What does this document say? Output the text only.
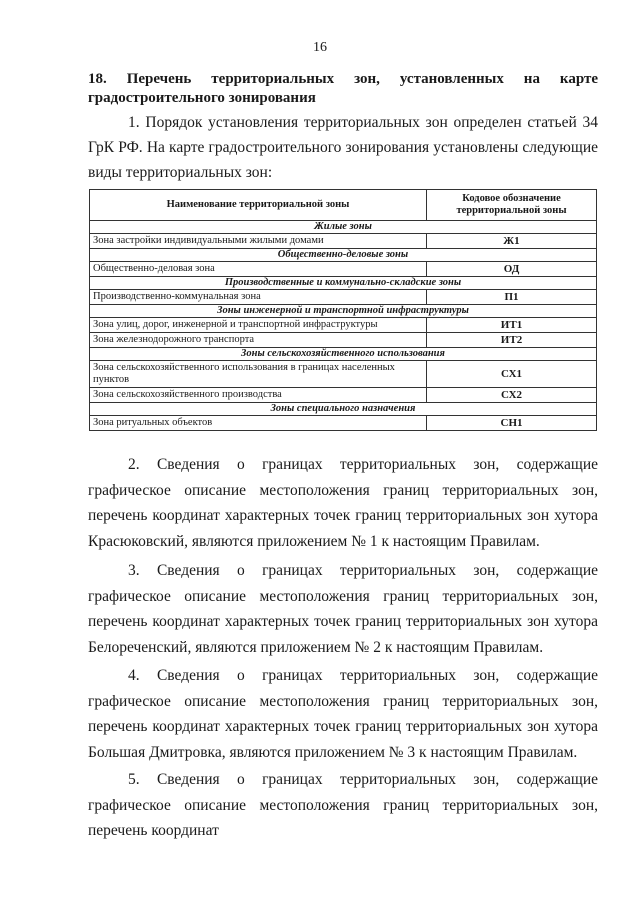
16
18. Перечень территориальных зон, установленных на карте градостроительного зонирования
1. Порядок установления территориальных зон определен статьей 34 ГрК РФ. На карте градостроительного зонирования установлены следующие виды территориальных зон:
Наименование территориальной зоны	Кодовое обозначение территориальной зоны
Жилые зоны	
Зона застройки индивидуальными жилыми домами	Ж1
Общественно-деловые зоны	
Общественно-деловая зона	ОД
Производственные и коммунально-складские зоны	
Производственно-коммунальная зона	П1
Зоны инженерной и транспортной инфраструктуры	
Зона улиц, дорог, инженерной и транспортной инфраструктуры	ИТ1
Зона железнодорожного транспорта	ИТ2
Зоны сельскохозяйственного использования	
Зона сельскохозяйственного использования в границах населенных пунктов	СХ1
Зона сельскохозяйственного производства	СХ2
Зоны специального назначения	
Зона ритуальных объектов	СН1
2. Сведения о границах территориальных зон, содержащие графическое описание местоположения границ территориальных зон, перечень координат характерных точек границ территориальных зон хутора Красюковский, являются приложением № 1 к настоящим Правилам.
3. Сведения о границах территориальных зон, содержащие графическое описание местоположения границ территориальных зон, перечень координат характерных точек границ территориальных зон хутора Белореченский, являются приложением № 2 к настоящим Правилам.
4. Сведения о границах территориальных зон, содержащие графическое описание местоположения границ территориальных зон, перечень координат характерных точек границ территориальных зон хутора Большая Дмитровка, являются приложением № 3 к настоящим Правилам.
5. Сведения о границах территориальных зон, содержащие графическое описание местоположения границ территориальных зон, перечень координат
